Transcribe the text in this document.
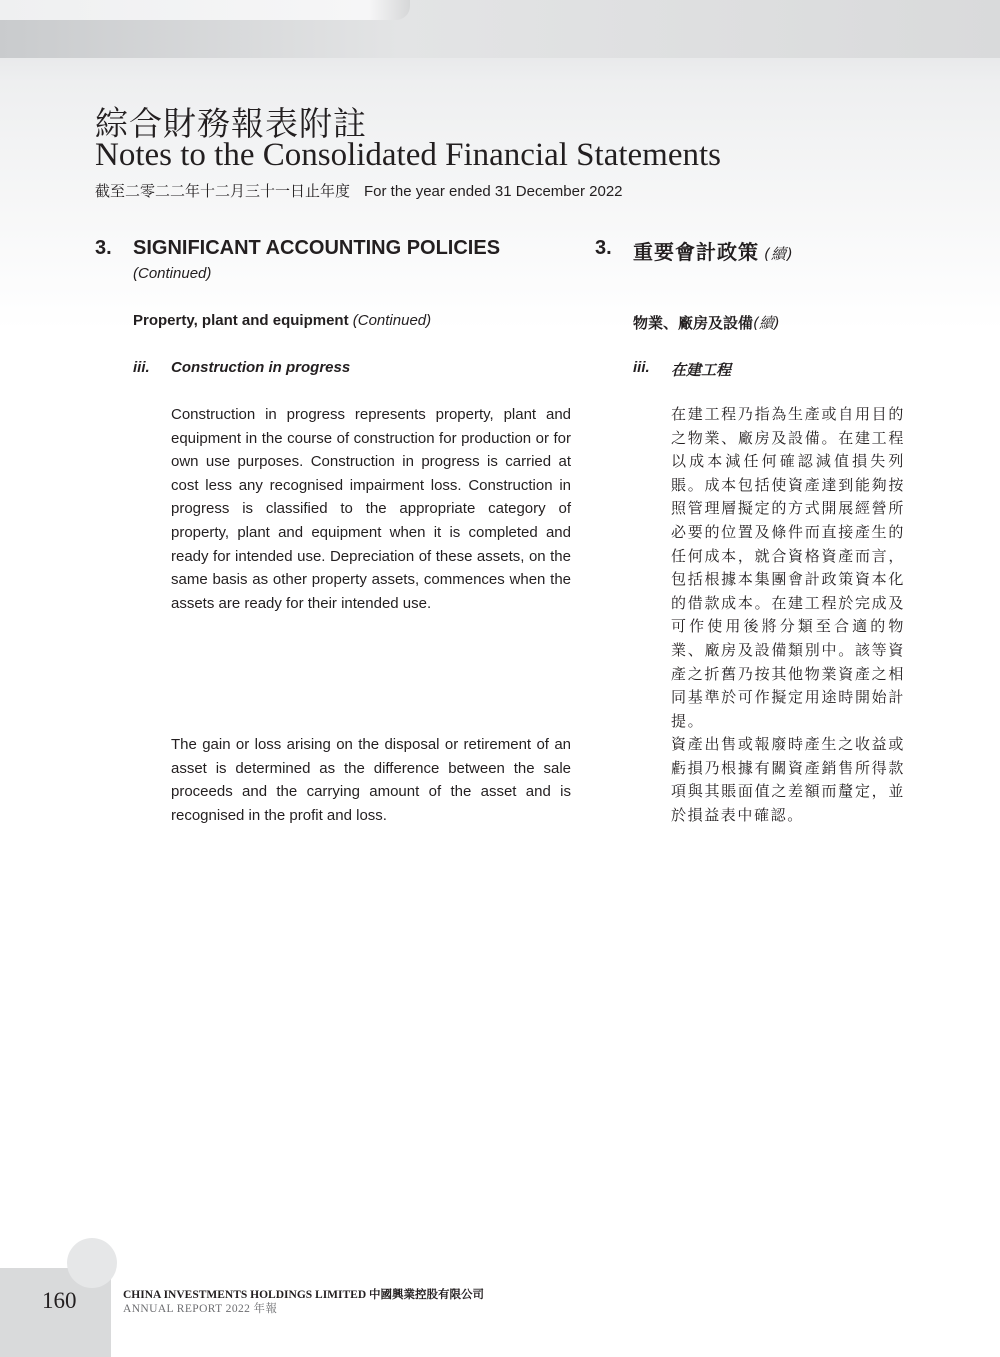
綜合財務報表附註
Notes to the Consolidated Financial Statements
截至二零二二年十二月三十一日止年度 For the year ended 31 December 2022
3. SIGNIFICANT ACCOUNTING POLICIES
(Continued)
Property, plant and equipment (Continued)
iii. Construction in progress
Construction in progress represents property, plant and equipment in the course of construction for production or for own use purposes. Construction in progress is carried at cost less any recognised impairment loss. Construction in progress is classified to the appropriate category of property, plant and equipment when it is completed and ready for intended use. Depreciation of these assets, on the same basis as other property assets, commences when the assets are ready for their intended use.
The gain or loss arising on the disposal or retirement of an asset is determined as the difference between the sale proceeds and the carrying amount of the asset and is recognised in the profit and loss.
3. 重要會計政策 (續)
物業、廠房及設備(續)
iii. 在建工程
在建工程乃指為生產或自用目的之物業、廠房及設備。在建工程以成本減任何確認減值損失列賬。成本包括使資產達到能夠按照管理層擬定的方式開展經營所必要的位置及條件而直接產生的任何成本，就合資格資產而言，包括根據本集團會計政策資本化的借款成本。在建工程於完成及可作使用後將分類至合適的物業、廠房及設備類別中。該等資產之折舊乃按其他物業資產之相同基準於可作擬定用途時開始計提。
資產出售或報廢時產生之收益或虧損乃根據有關資產銷售所得款項與其賬面值之差額而釐定，並於損益表中確認。
160	CHINA INVESTMENTS HOLDINGS LIMITED 中國興業控股有限公司
ANNUAL REPORT 2022 年報
